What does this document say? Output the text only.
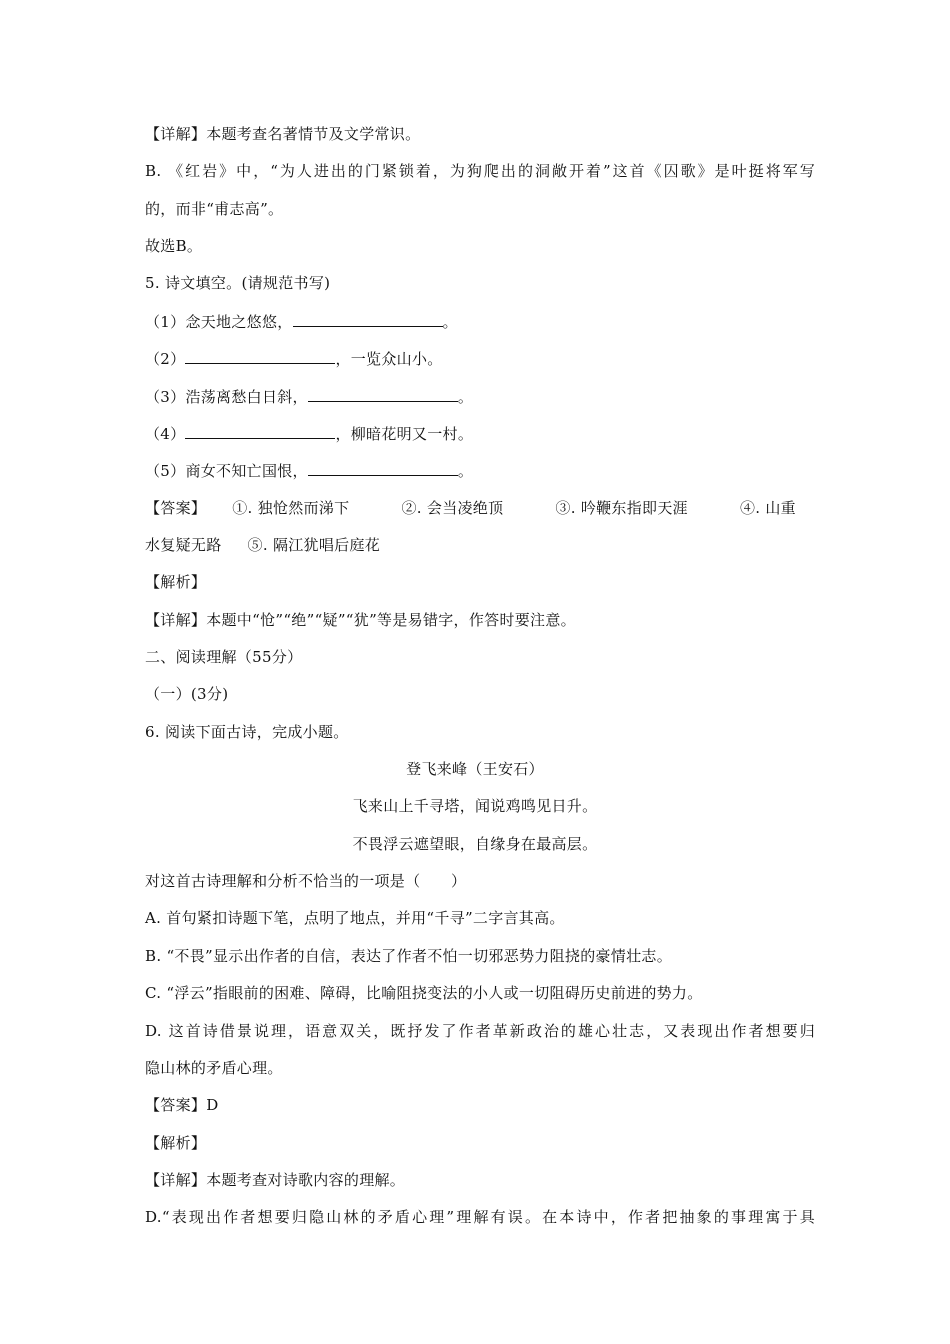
【详解】本题考查名著情节及文学常识。
B. 《红岩》中，“为人进出的门紧锁着，为狗爬出的洞敞开着”这首《囚歌》是叶挺将军写
的，而非“甫志高”。
故选B。
5. 诗文填空。(请规范书写)
（1）念天地之悠悠，	。
（2）	，一览众山小。
（3）浩荡离愁白日斜，	。
（4）	，柳暗花明又一村。
（5）商女不知亡国恨，	。
【答案】 ①. 独怆然而涕下	②. 会当凌绝顶	③. 吟鞭东指即天涯	④. 山重
水复疑无路 ⑤. 隔江犹唱后庭花
【解析】
【详解】本题中“怆”“绝”“疑”“犹”等是易错字，作答时要注意。
二、阅读理解（55分）
（一）(3分)
6. 阅读下面古诗，完成小题。
登飞来峰（王安石）
飞来山上千寻塔，闻说鸡鸣见日升。
不畏浮云遮望眼，自缘身在最高层。
对这首古诗理解和分析不恰当的一项是（　　）
A. 首句紧扣诗题下笔，点明了地点，并用“千寻”二字言其高。
B. “不畏”显示出作者的自信，表达了作者不怕一切邪恶势力阻挠的豪情壮志。
C. “浮云”指眼前的困难、障碍，比喻阻挠变法的小人或一切阻碍历史前进的势力。
D. 这首诗借景说理，语意双关，既抒发了作者革新政治的雄心壮志，又表现出作者想要归
隐山林的矛盾心理。
【答案】D
【解析】
【详解】本题考查对诗歌内容的理解。
D.“表现出作者想要归隐山林的矛盾心理”理解有误。在本诗中，作者把抽象的事理寓于具
